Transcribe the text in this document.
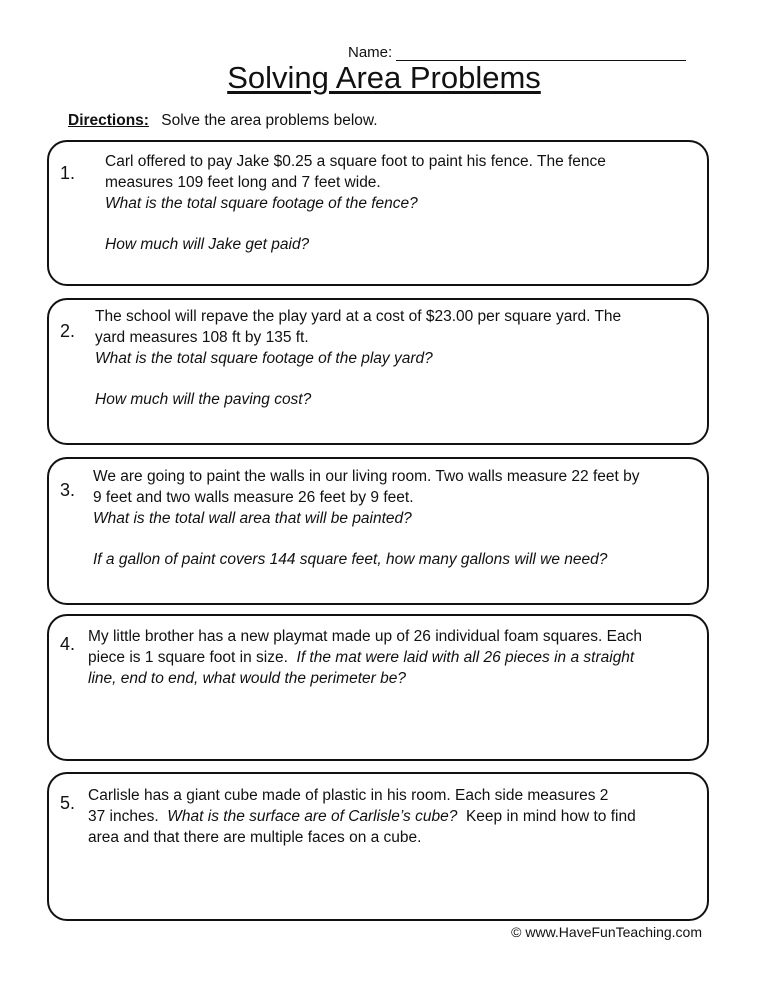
Name:
Solving Area Problems
Directions: Solve the area problems below.
1.

Carl offered to pay Jake $0.25 a square foot to paint his fence. The fence

measures 109 feet long and 7 feet wide.

What is the total square footage of the fence?

How much will Jake get paid?

2.

The school will repave the play yard at a cost of $23.00 per square yard. The

yard measures 108 ft by 135 ft.

What is the total square footage of the play yard?

How much will the paving cost?

3.

We are going to paint the walls in our living room. Two walls measure 22 feet by

9 feet and two walls measure 26 feet by 9 feet.

What is the total wall area that will be painted?

If a gallon of paint covers 144 square feet, how many gallons will we need?

4. My little brother has a new playmat made up of 26 individual foam squares. Each

piece is 1 square foot in size.  If the mat were laid with all 26 pieces in a straight

line, end to end, what would the perimeter be?

5. Carlisle has a giant cube made of plastic in his room. Each side measures 2

37 inches.  What is the surface are of Carlisle’s cube?  Keep in mind how to find

area and that there are multiple faces on a cube.

© www.HaveFunTeaching.com
